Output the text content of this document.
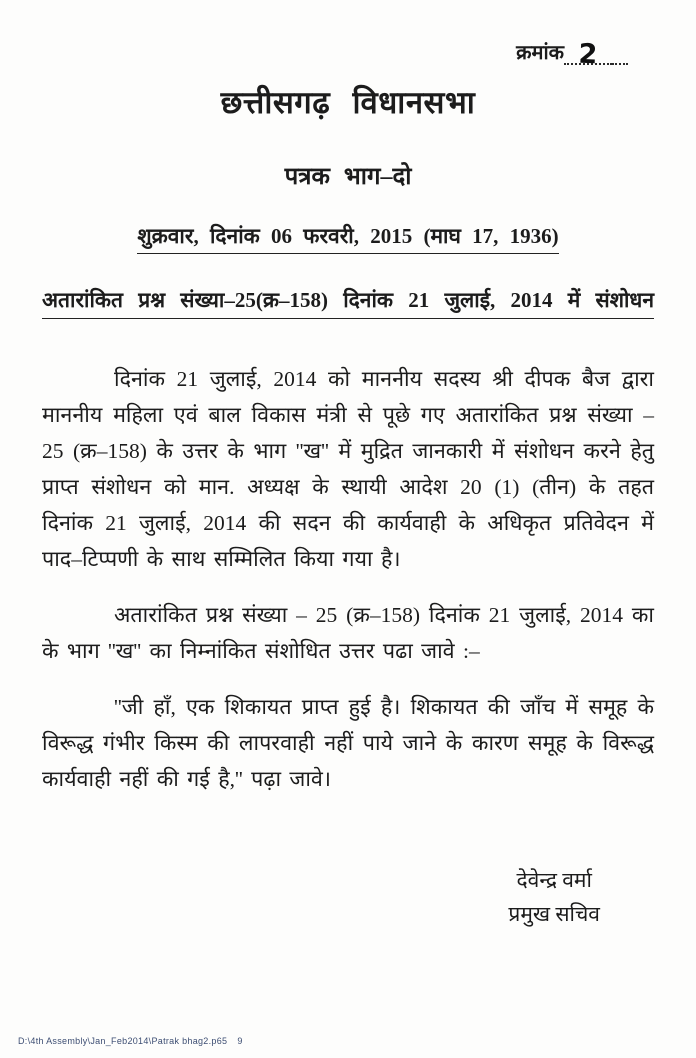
क्रमांक 2
छत्तीसगढ़ विधानसभा
पत्रक भाग–दो
शुक्रवार, दिनांक 06 फरवरी, 2015 (माघ 17, 1936)
अतारांकित प्रश्न संख्या–25(क्र–158) दिनांक 21 जुलाई, 2014 में संशोधन

दिनांक 21 जुलाई, 2014 को माननीय सदस्य श्री दीपक बैज द्वारा माननीय महिला एवं बाल विकास मंत्री से पूछे गए अतारांकित प्रश्न संख्या – 25 (क्र–158) के उत्तर के भाग ''ख'' में मुद्रित जानकारी में संशोधन करने हेतु प्राप्त संशोधन को मान. अध्यक्ष के स्थायी आदेश 20 (1) (तीन) के तहत दिनांक 21 जुलाई, 2014 की सदन की कार्यवाही के अधिकृत प्रतिवेदन में पाद–टिप्पणी के साथ सम्मिलित किया गया है।

अतारांकित प्रश्न संख्या – 25 (क्र–158) दिनांक 21 जुलाई, 2014 का के भाग ''ख'' का निम्नांकित संशोधित उत्तर पढा जावे :–

''जी हॉं, एक शिकायत प्राप्त हुई है। शिकायत की जॉंच में समूह के विरूद्ध गंभीर किस्म की लापरवाही नहीं पाये जाने के कारण समूह के विरूद्ध कार्यवाही नहीं की गई है,'' पढ़ा जावे।

देवेन्द्र वर्मा
प्रमुख सचिव
D:\4th Assembly\Jan_Feb2014\Patrak bhag2.p65 9
